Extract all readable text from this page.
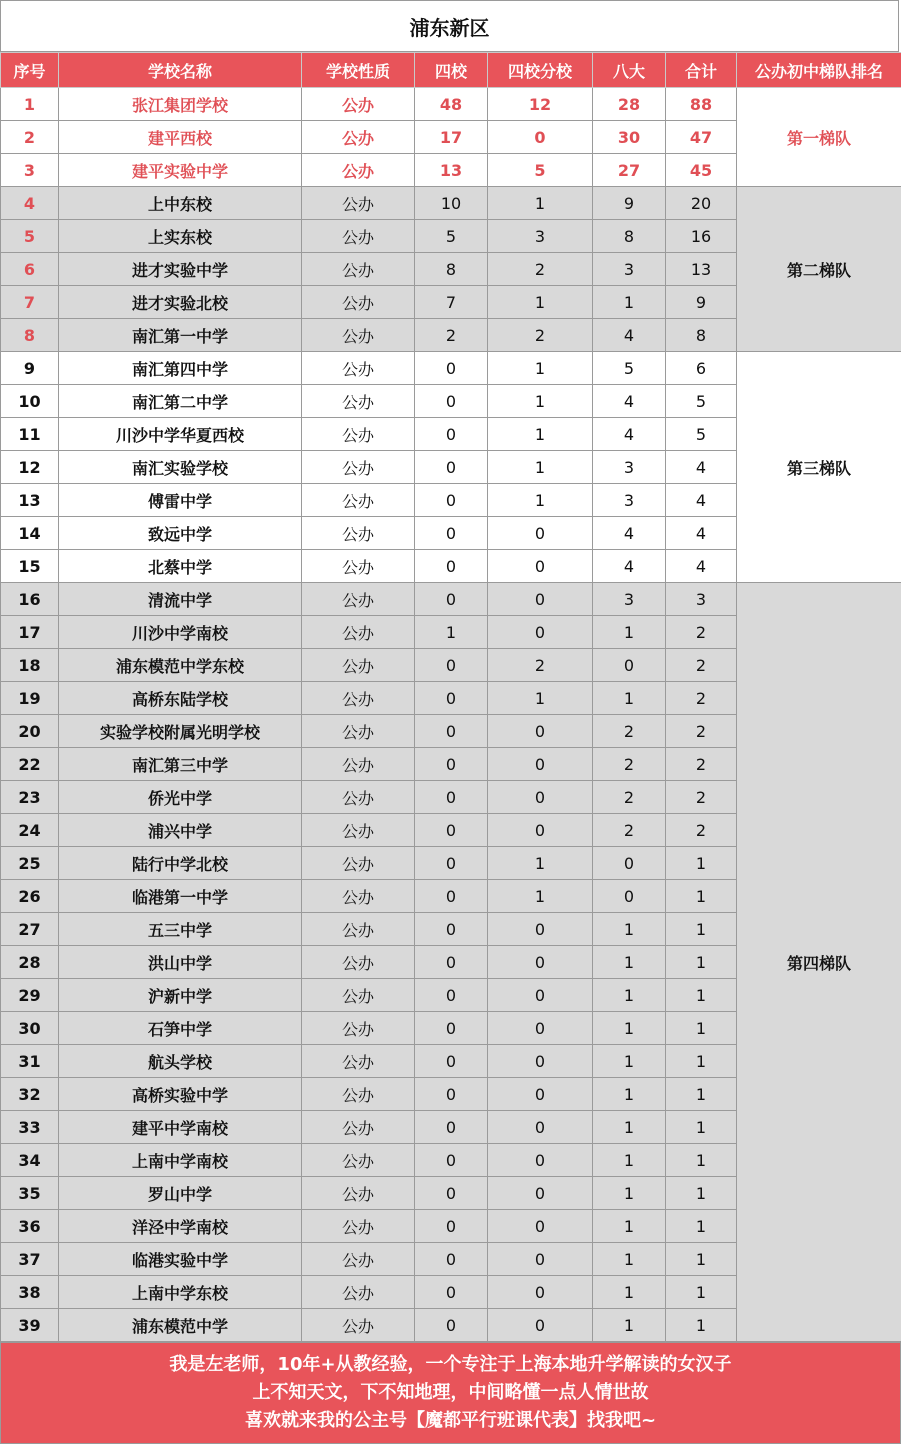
浦东新区
序号	学校名称	学校性质	四校	四校分校	八大	合计	公办初中梯队排名
1	张江集团学校	公办	48	12	28	88	第一梯队
2	建平西校	公办	17	0	30	47	
3	建平实验中学	公办	13	5	27	45	
4	上中东校	公办	10	1	9	20	第二梯队
5	上实东校	公办	5	3	8	16	
6	进才实验中学	公办	8	2	3	13	
7	进才实验北校	公办	7	1	1	9	
8	南汇第一中学	公办	2	2	4	8	
9	南汇第四中学	公办	0	1	5	6	第三梯队
10	南汇第二中学	公办	0	1	4	5	
11	川沙中学华夏西校	公办	0	1	4	5	
12	南汇实验学校	公办	0	1	3	4	
13	傅雷中学	公办	0	1	3	4	
14	致远中学	公办	0	0	4	4	
15	北蔡中学	公办	0	0	4	4	
16	清流中学	公办	0	0	3	3	第四梯队
17	川沙中学南校	公办	1	0	1	2	
18	浦东模范中学东校	公办	0	2	0	2	
19	高桥东陆学校	公办	0	1	1	2	
20	实验学校附属光明学校	公办	0	0	2	2	
22	南汇第三中学	公办	0	0	2	2	
23	侨光中学	公办	0	0	2	2	
24	浦兴中学	公办	0	0	2	2	
25	陆行中学北校	公办	0	1	0	1	
26	临港第一中学	公办	0	1	0	1	
27	五三中学	公办	0	0	1	1	
28	洪山中学	公办	0	0	1	1	
29	沪新中学	公办	0	0	1	1	
30	石笋中学	公办	0	0	1	1	
31	航头学校	公办	0	0	1	1	
32	高桥实验中学	公办	0	0	1	1	
33	建平中学南校	公办	0	0	1	1	
34	上南中学南校	公办	0	0	1	1	
35	罗山中学	公办	0	0	1	1	
36	洋泾中学南校	公办	0	0	1	1	
37	临港实验中学	公办	0	0	1	1	
38	上南中学东校	公办	0	0	1	1	
39	浦东模范中学	公办	0	0	1	1	
我是左老师，10年+从教经验，一个专注于上海本地升学解读的女汉子
上不知天文，下不知地理，中间略懂一点人情世故
喜欢就来我的公主号【魔都平行班课代表】找我吧~
